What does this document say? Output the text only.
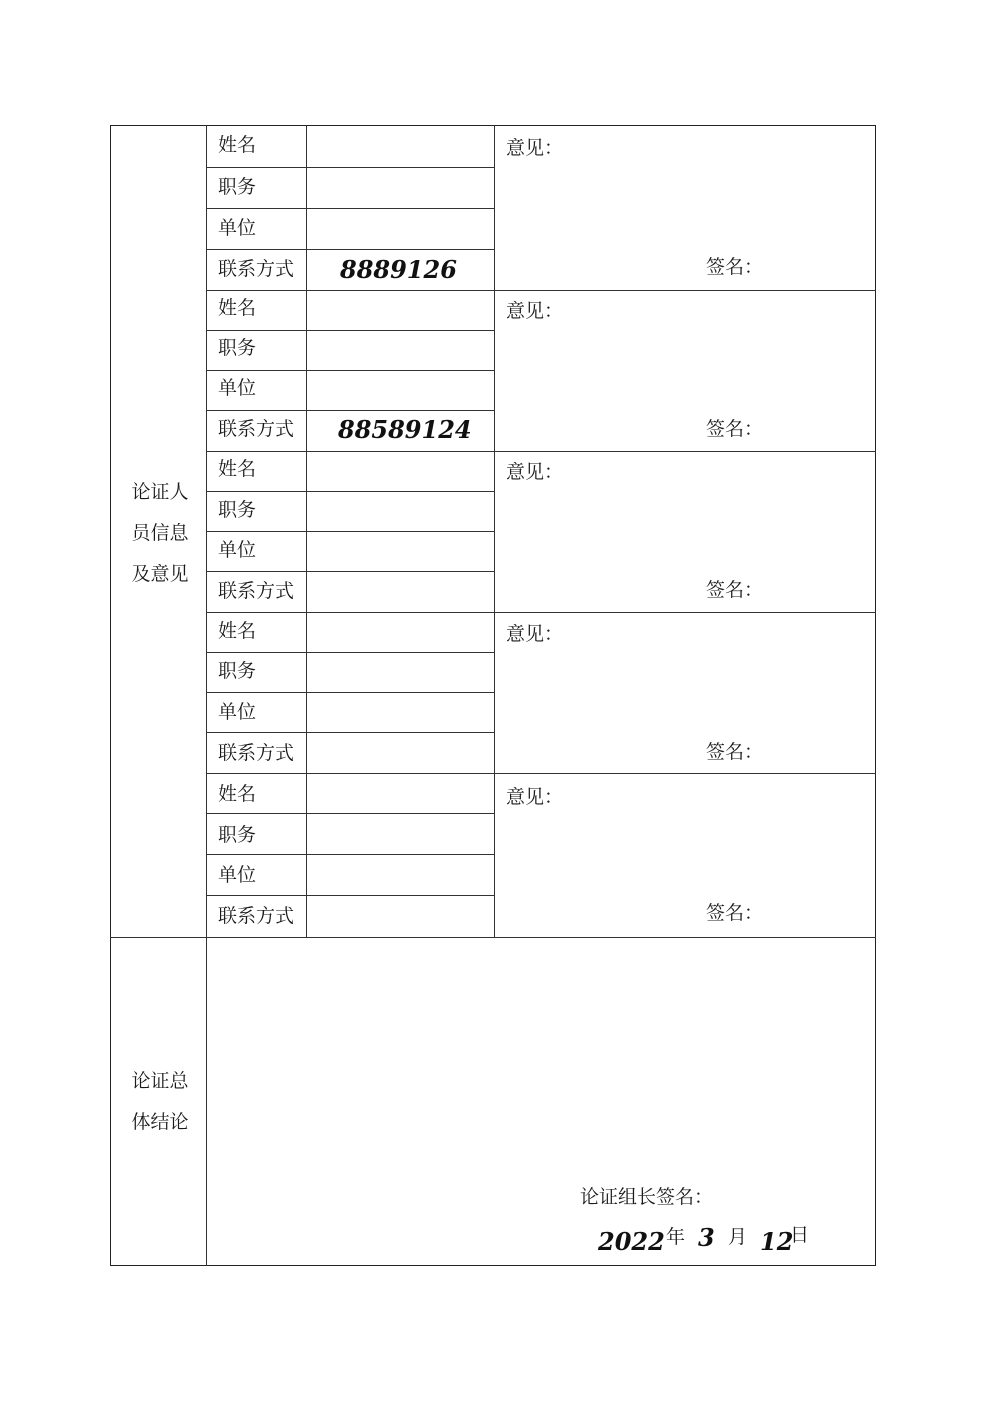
论证人员信息及意见
论证总体结论
姓名
职务
单位
联系方式
意见：
签名：
8889126
姓名
职务
单位
联系方式
意见：
签名：
88589124
姓名
职务
单位
联系方式
意见：
签名：
姓名
职务
单位
联系方式
意见：
签名：
姓名
职务
单位
联系方式
意见：
签名：
论证组长签名：
2022 年 3 月 12
日
